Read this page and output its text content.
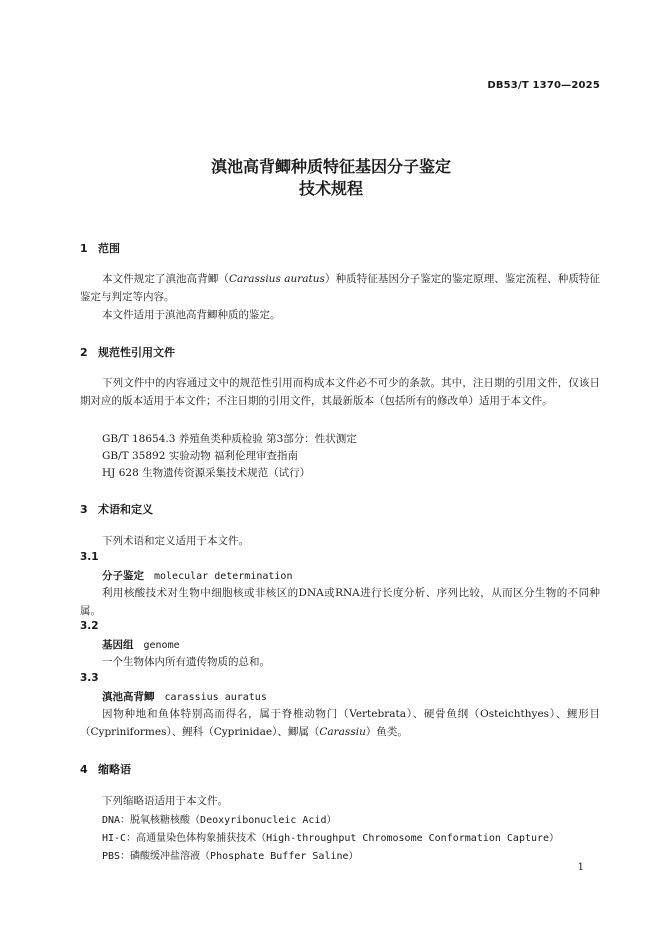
DB53/T 1370—2025
滇池高背鲫种质特征基因分子鉴定
技术规程
1 范围
本文件规定了滇池高背鲫（Carassius auratus）种质特征基因分子鉴定的鉴定原理、鉴定流程、种质特征鉴定与判定等内容。
本文件适用于滇池高背鲫种质的鉴定。
2 规范性引用文件
下列文件中的内容通过文中的规范性引用而构成本文件必不可少的条款。其中，注日期的引用文件，仅该日期对应的版本适用于本文件；不注日期的引用文件，其最新版本（包括所有的修改单）适用于本文件。
GB/T 18654.3 养殖鱼类种质检验 第3部分：性状测定
GB/T 35892 实验动物 福利伦理审查指南
HJ 628 生物遗传资源采集技术规范（试行）
3 术语和定义
下列术语和定义适用于本文件。
3.1
分子鉴定 molecular determination
利用核酸技术对生物中细胞核或非核区的DNA或RNA进行长度分析、序列比较，从而区分生物的不同种属。
3.2
基因组 genome
一个生物体内所有遗传物质的总和。
3.3
滇池高背鲫 carassius auratus
因物种地和鱼体特别高而得名，属于脊椎动物门（Vertebrata）、硬骨鱼纲（Osteichthyes）、鲤形目（Cypriniformes）、鲤科（Cyprinidae）、鲫属（Carassiu）鱼类。
4 缩略语
下列缩略语适用于本文件。
DNA：脱氧核糖核酸（Deoxyribonucleic Acid）
HI-C：高通量染色体构象捕获技术（High-throughput Chromosome Conformation Capture）
PBS：磷酸缓冲盐溶液（Phosphate Buffer Saline）
1
